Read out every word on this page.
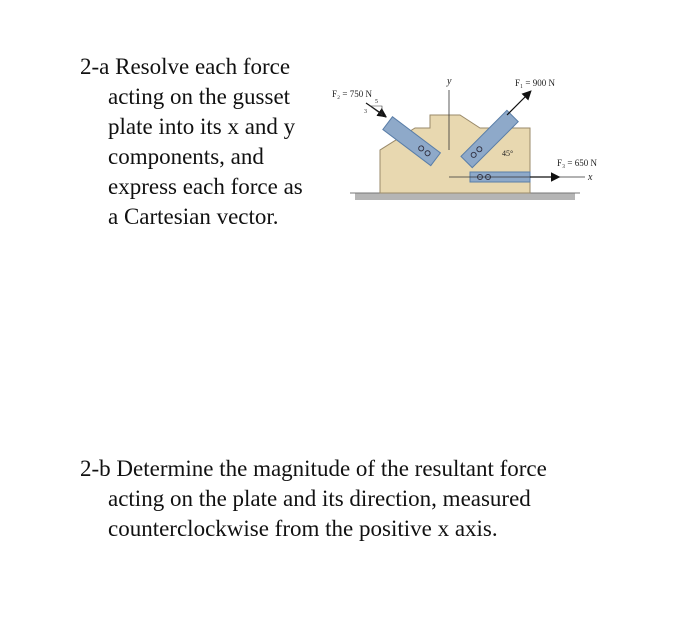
2-a Resolve each force
acting on the gusset
plate into its x and y
components, and
express each force as
a Cartesian vector.
y
x
F₁ = 900 N
45°
F₃ = 650 N
F₂ = 750 N
5
3
4
2-b Determine the magnitude of the resultant force
acting on the plate and its direction, measured
counterclockwise from the positive x axis.
